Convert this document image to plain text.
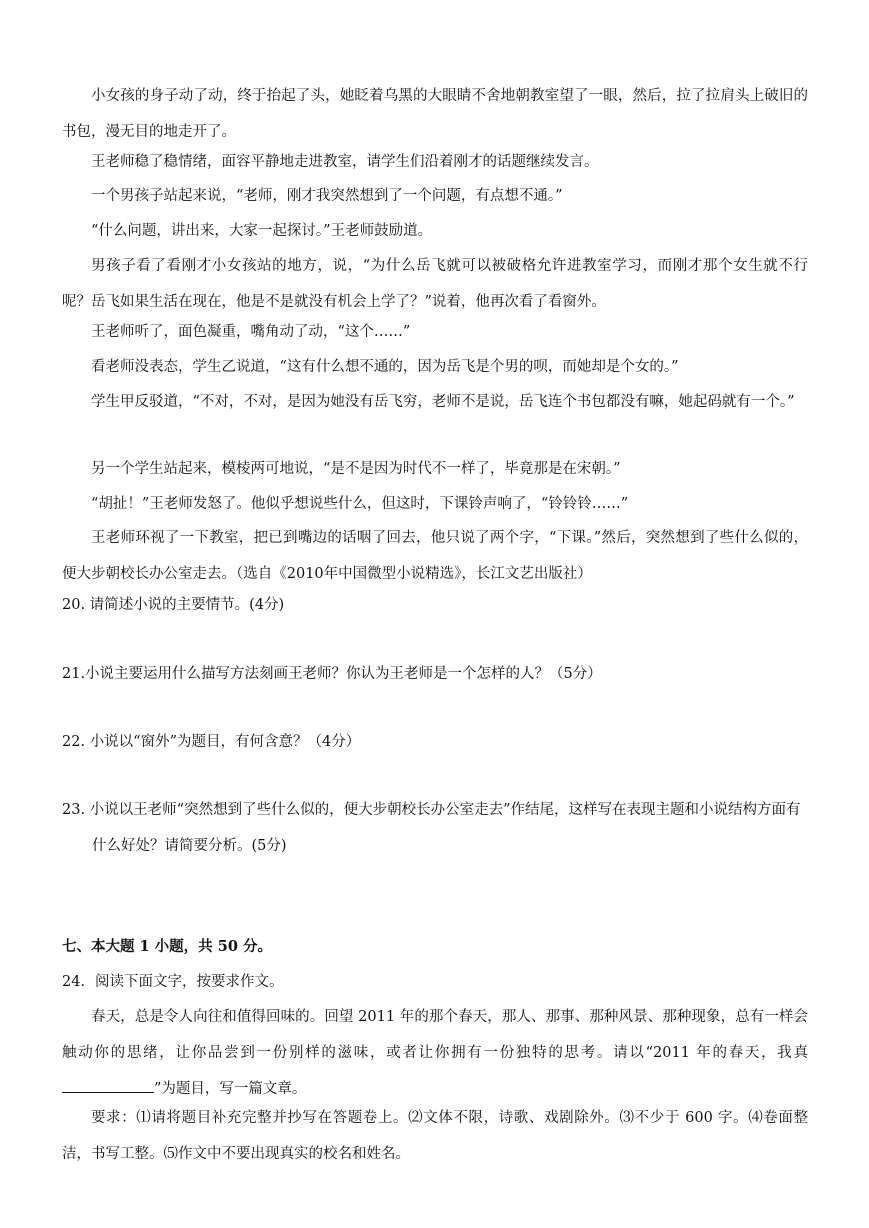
小女孩的身子动了动，终于抬起了头，她眨着乌黑的大眼睛不舍地朝教室望了一眼，然后，拉了拉肩头上破旧的书包，漫无目的地走开了。
王老师稳了稳情绪，面容平静地走进教室，请学生们沿着刚才的话题继续发言。
一个男孩子站起来说，“老师，刚才我突然想到了一个问题，有点想不通。”
“什么问题，讲出来，大家一起探讨。”王老师鼓励道。
男孩子看了看刚才小女孩站的地方，说，“为什么岳飞就可以被破格允许进教室学习，而刚才那个女生就不行呢？岳飞如果生活在现在，他是不是就没有机会上学了？”说着，他再次看了看窗外。
王老师听了，面色凝重，嘴角动了动，“这个……”
看老师没表态，学生乙说道，“这有什么想不通的，因为岳飞是个男的呗，而她却是个女的。”
学生甲反驳道，“不对，不对，是因为她没有岳飞穷，老师不是说，岳飞连个书包都没有嘛，她起码就有一个。”
另一个学生站起来，模棱两可地说，“是不是因为时代不一样了，毕竟那是在宋朝。”
“胡扯！”王老师发怒了。他似乎想说些什么，但这时，下课铃声响了，“铃铃铃……”
王老师环视了一下教室，把已到嘴边的话咽了回去，他只说了两个字，“下课。”然后，突然想到了些什么似的，便大步朝校长办公室走去。（选自《2010年中国微型小说精选》，长江文艺出版社）
20. 请简述小说的主要情节。(4分)
21.小说主要运用什么描写方法刻画王老师？你认为王老师是一个怎样的人？（5分）
22. 小说以“窗外”为题目，有何含意？（4分）
23. 小说以王老师“突然想到了些什么似的，便大步朝校长办公室走去”作结尾，这样写在表现主题和小说结构方面有什么好处？请简要分析。(5分)
七、本大题 1 小题，共 50 分。
24．阅读下面文字，按要求作文。
春天，总是令人向往和值得回味的。回望 2011 年的那个春天，那人、那事、那种风景、那种现象，总有一样会触动你的思绪，让你品尝到一份别样的滋味，或者让你拥有一份独特的思考。请以“2011 年的春天，我真”为题目，写一篇文章。
要求：⑴请将题目补充完整并抄写在答题卷上。⑵文体不限，诗歌、戏剧除外。⑶不少于 600 字。⑷卷面整洁，书写工整。⑸作文中不要出现真实的校名和姓名。
